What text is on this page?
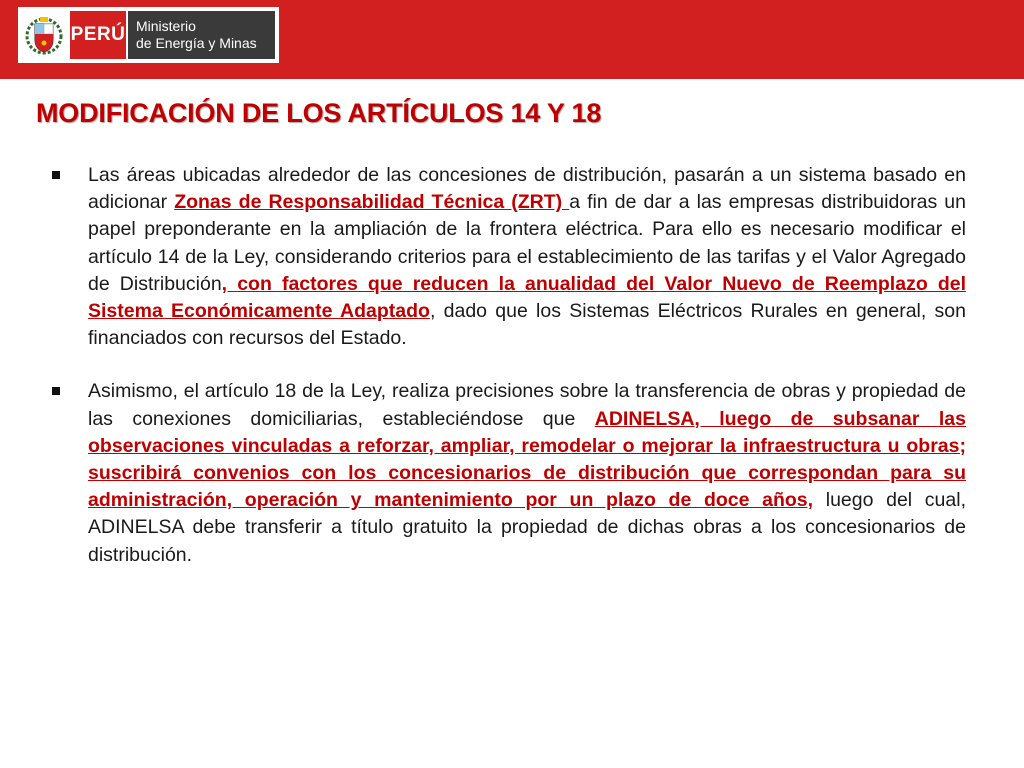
PERÚ Ministerio
de Energía y Minas
MODIFICACIÓN DE LOS ARTÍCULOS 14 Y 18
Las áreas ubicadas alrededor de las concesiones de distribución, pasarán a un sistema basado en adicionar Zonas de Responsabilidad Técnica (ZRT) a fin de dar a las empresas distribuidoras un papel preponderante en la ampliación de la frontera eléctrica. Para ello es necesario modificar el artículo 14 de la Ley, considerando criterios para el establecimiento de las tarifas y el Valor Agregado de Distribución, con factores que reducen la anualidad del Valor Nuevo de Reemplazo del Sistema Económicamente Adaptado, dado que los Sistemas Eléctricos Rurales en general, son financiados con recursos del Estado.
Asimismo, el artículo 18 de la Ley, realiza precisiones sobre la transferencia de obras y propiedad de las conexiones domiciliarias, estableciéndose que ADINELSA, luego de subsanar las observaciones vinculadas a reforzar, ampliar, remodelar o mejorar la infraestructura u obras; suscribirá convenios con los concesionarios de distribución que correspondan para su administración, operación y mantenimiento por un plazo de doce años, luego del cual, ADINELSA debe transferir a título gratuito la propiedad de dichas obras a los concesionarios de distribución.
